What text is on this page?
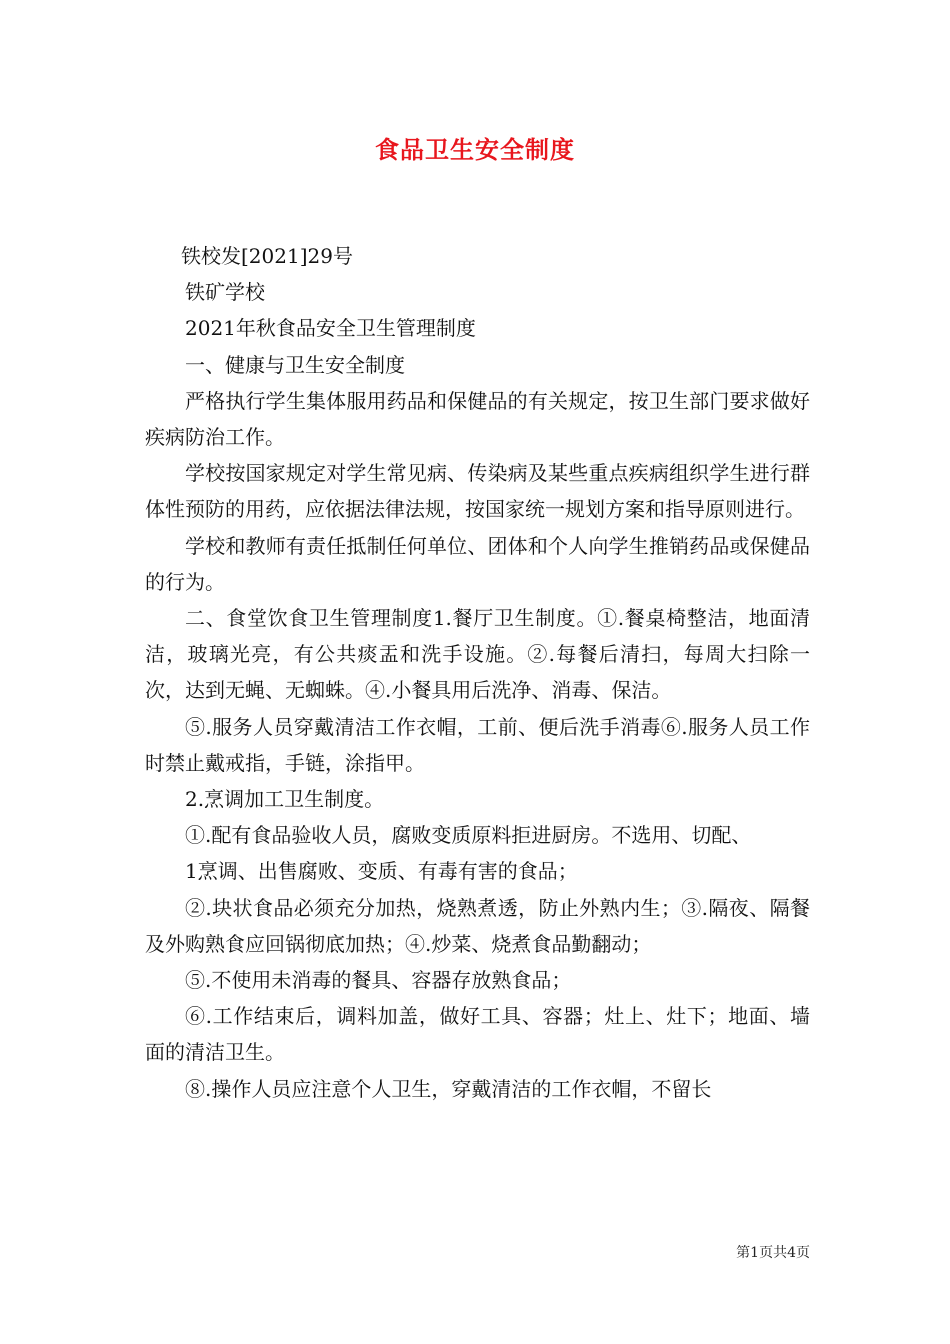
食品卫生安全制度

铁校发[2021]29号

铁矿学校

2021年秋食品安全卫生管理制度

一、健康与卫生安全制度

严格执行学生集体服用药品和保健品的有关规定，按卫生部门要求做好疾病防治工作。

学校按国家规定对学生常见病、传染病及某些重点疾病组织学生进行群体性预防的用药，应依据法律法规，按国家统一规划方案和指导原则进行。

学校和教师有责任抵制任何单位、团体和个人向学生推销药品或保健品的行为。

二、食堂饮食卫生管理制度1.餐厅卫生制度。①.餐桌椅整洁，地面清洁，玻璃光亮，有公共痰盂和洗手设施。②.每餐后清扫，每周大扫除一次，达到无蝇、无蜘蛛。④.小餐具用后洗净、消毒、保洁。

⑤.服务人员穿戴清洁工作衣帽，工前、便后洗手消毒⑥.服务人员工作时禁止戴戒指，手链，涂指甲。

2.烹调加工卫生制度。

①.配有食品验收人员，腐败变质原料拒进厨房。不选用、切配、

1烹调、出售腐败、变质、有毒有害的食品；

②.块状食品必须充分加热，烧熟煮透，防止外熟内生；③.隔夜、隔餐及外购熟食应回锅彻底加热；④.炒菜、烧煮食品勤翻动；

⑤.不使用未消毒的餐具、容器存放熟食品；

⑥.工作结束后，调料加盖，做好工具、容器；灶上、灶下；地面、墙面的清洁卫生。

⑧.操作人员应注意个人卫生，穿戴清洁的工作衣帽，不留长

第1页共4页
